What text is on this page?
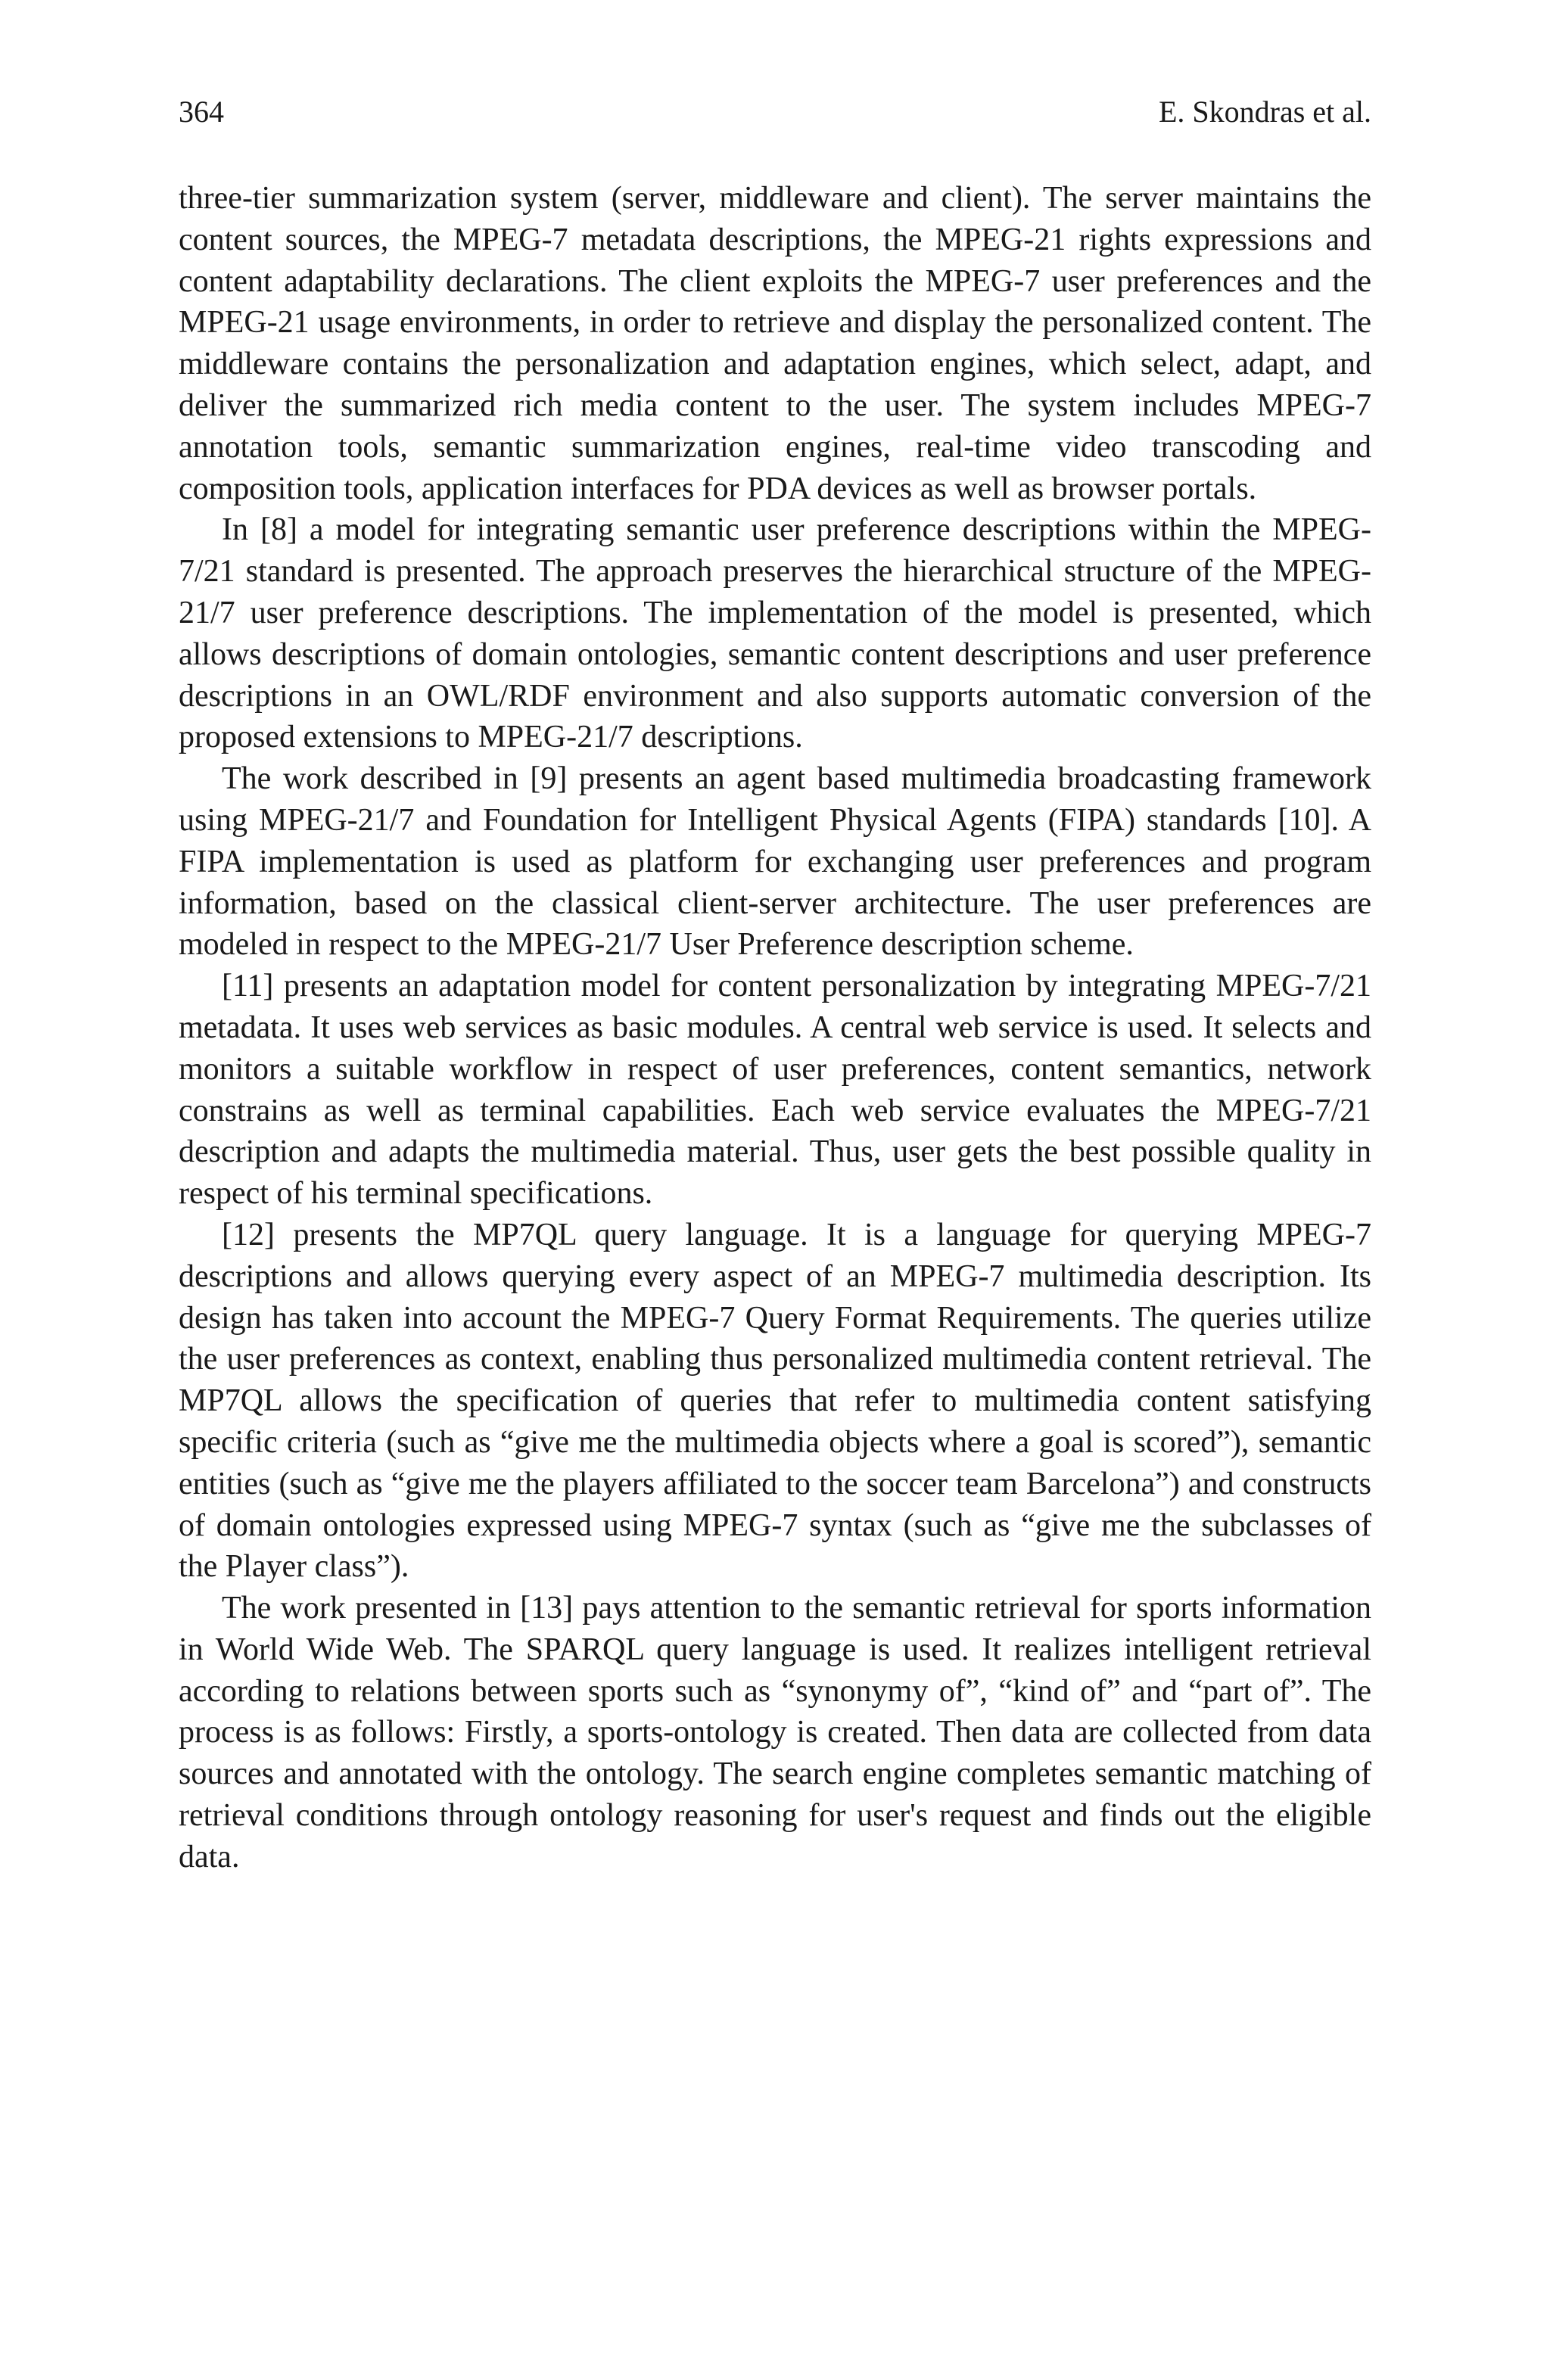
364	E. Skondras et al.

three-tier summarization system (server, middleware and client). The server maintains the content sources, the MPEG-7 metadata descriptions, the MPEG-21 rights expressions and content adaptability declarations. The client exploits the MPEG-7 user preferences and the MPEG-21 usage environments, in order to retrieve and display the personalized content. The middleware contains the personalization and adaptation engines, which select, adapt, and deliver the summarized rich media content to the user. The system includes MPEG-7 annotation tools, semantic summarization engines, real-time video transcoding and composition tools, application interfaces for PDA devices as well as browser portals.

In [8] a model for integrating semantic user preference descriptions within the MPEG-7/21 standard is presented. The approach preserves the hierarchical structure of the MPEG-21/7 user preference descriptions. The implementation of the model is presented, which allows descriptions of domain ontologies, semantic content descriptions and user preference descriptions in an OWL/RDF environment and also supports automatic conversion of the proposed extensions to MPEG-21/7 descriptions.

The work described in [9] presents an agent based multimedia broadcasting framework using MPEG-21/7 and Foundation for Intelligent Physical Agents (FIPA) standards [10]. A FIPA implementation is used as platform for exchanging user preferences and program information, based on the classical client-server architecture. The user preferences are modeled in respect to the MPEG-21/7 User Preference description scheme.

[11] presents an adaptation model for content personalization by integrating MPEG-7/21 metadata. It uses web services as basic modules. A central web service is used. It selects and monitors a suitable workflow in respect of user preferences, content semantics, network constrains as well as terminal capabilities. Each web service evaluates the MPEG-7/21 description and adapts the multimedia material. Thus, user gets the best possible quality in respect of his terminal specifications.

[12] presents the MP7QL query language. It is a language for querying MPEG-7 descriptions and allows querying every aspect of an MPEG-7 multimedia description. Its design has taken into account the MPEG-7 Query Format Requirements. The queries utilize the user preferences as context, enabling thus personalized multimedia content retrieval. The MP7QL allows the specification of queries that refer to multimedia content satisfying specific criteria (such as “give me the multimedia objects where a goal is scored”), semantic entities (such as “give me the players affiliated to the soccer team Barcelona”) and constructs of domain ontologies expressed using MPEG-7 syntax (such as “give me the subclasses of the Player class”).

The work presented in [13] pays attention to the semantic retrieval for sports information in World Wide Web. The SPARQL query language is used. It realizes intelligent retrieval according to relations between sports such as “synonymy of”, “kind of” and “part of”. The process is as follows: Firstly, a sports-ontology is created. Then data are collected from data sources and annotated with the ontology. The search engine completes semantic matching of retrieval conditions through ontology reasoning for user's request and finds out the eligible data.
